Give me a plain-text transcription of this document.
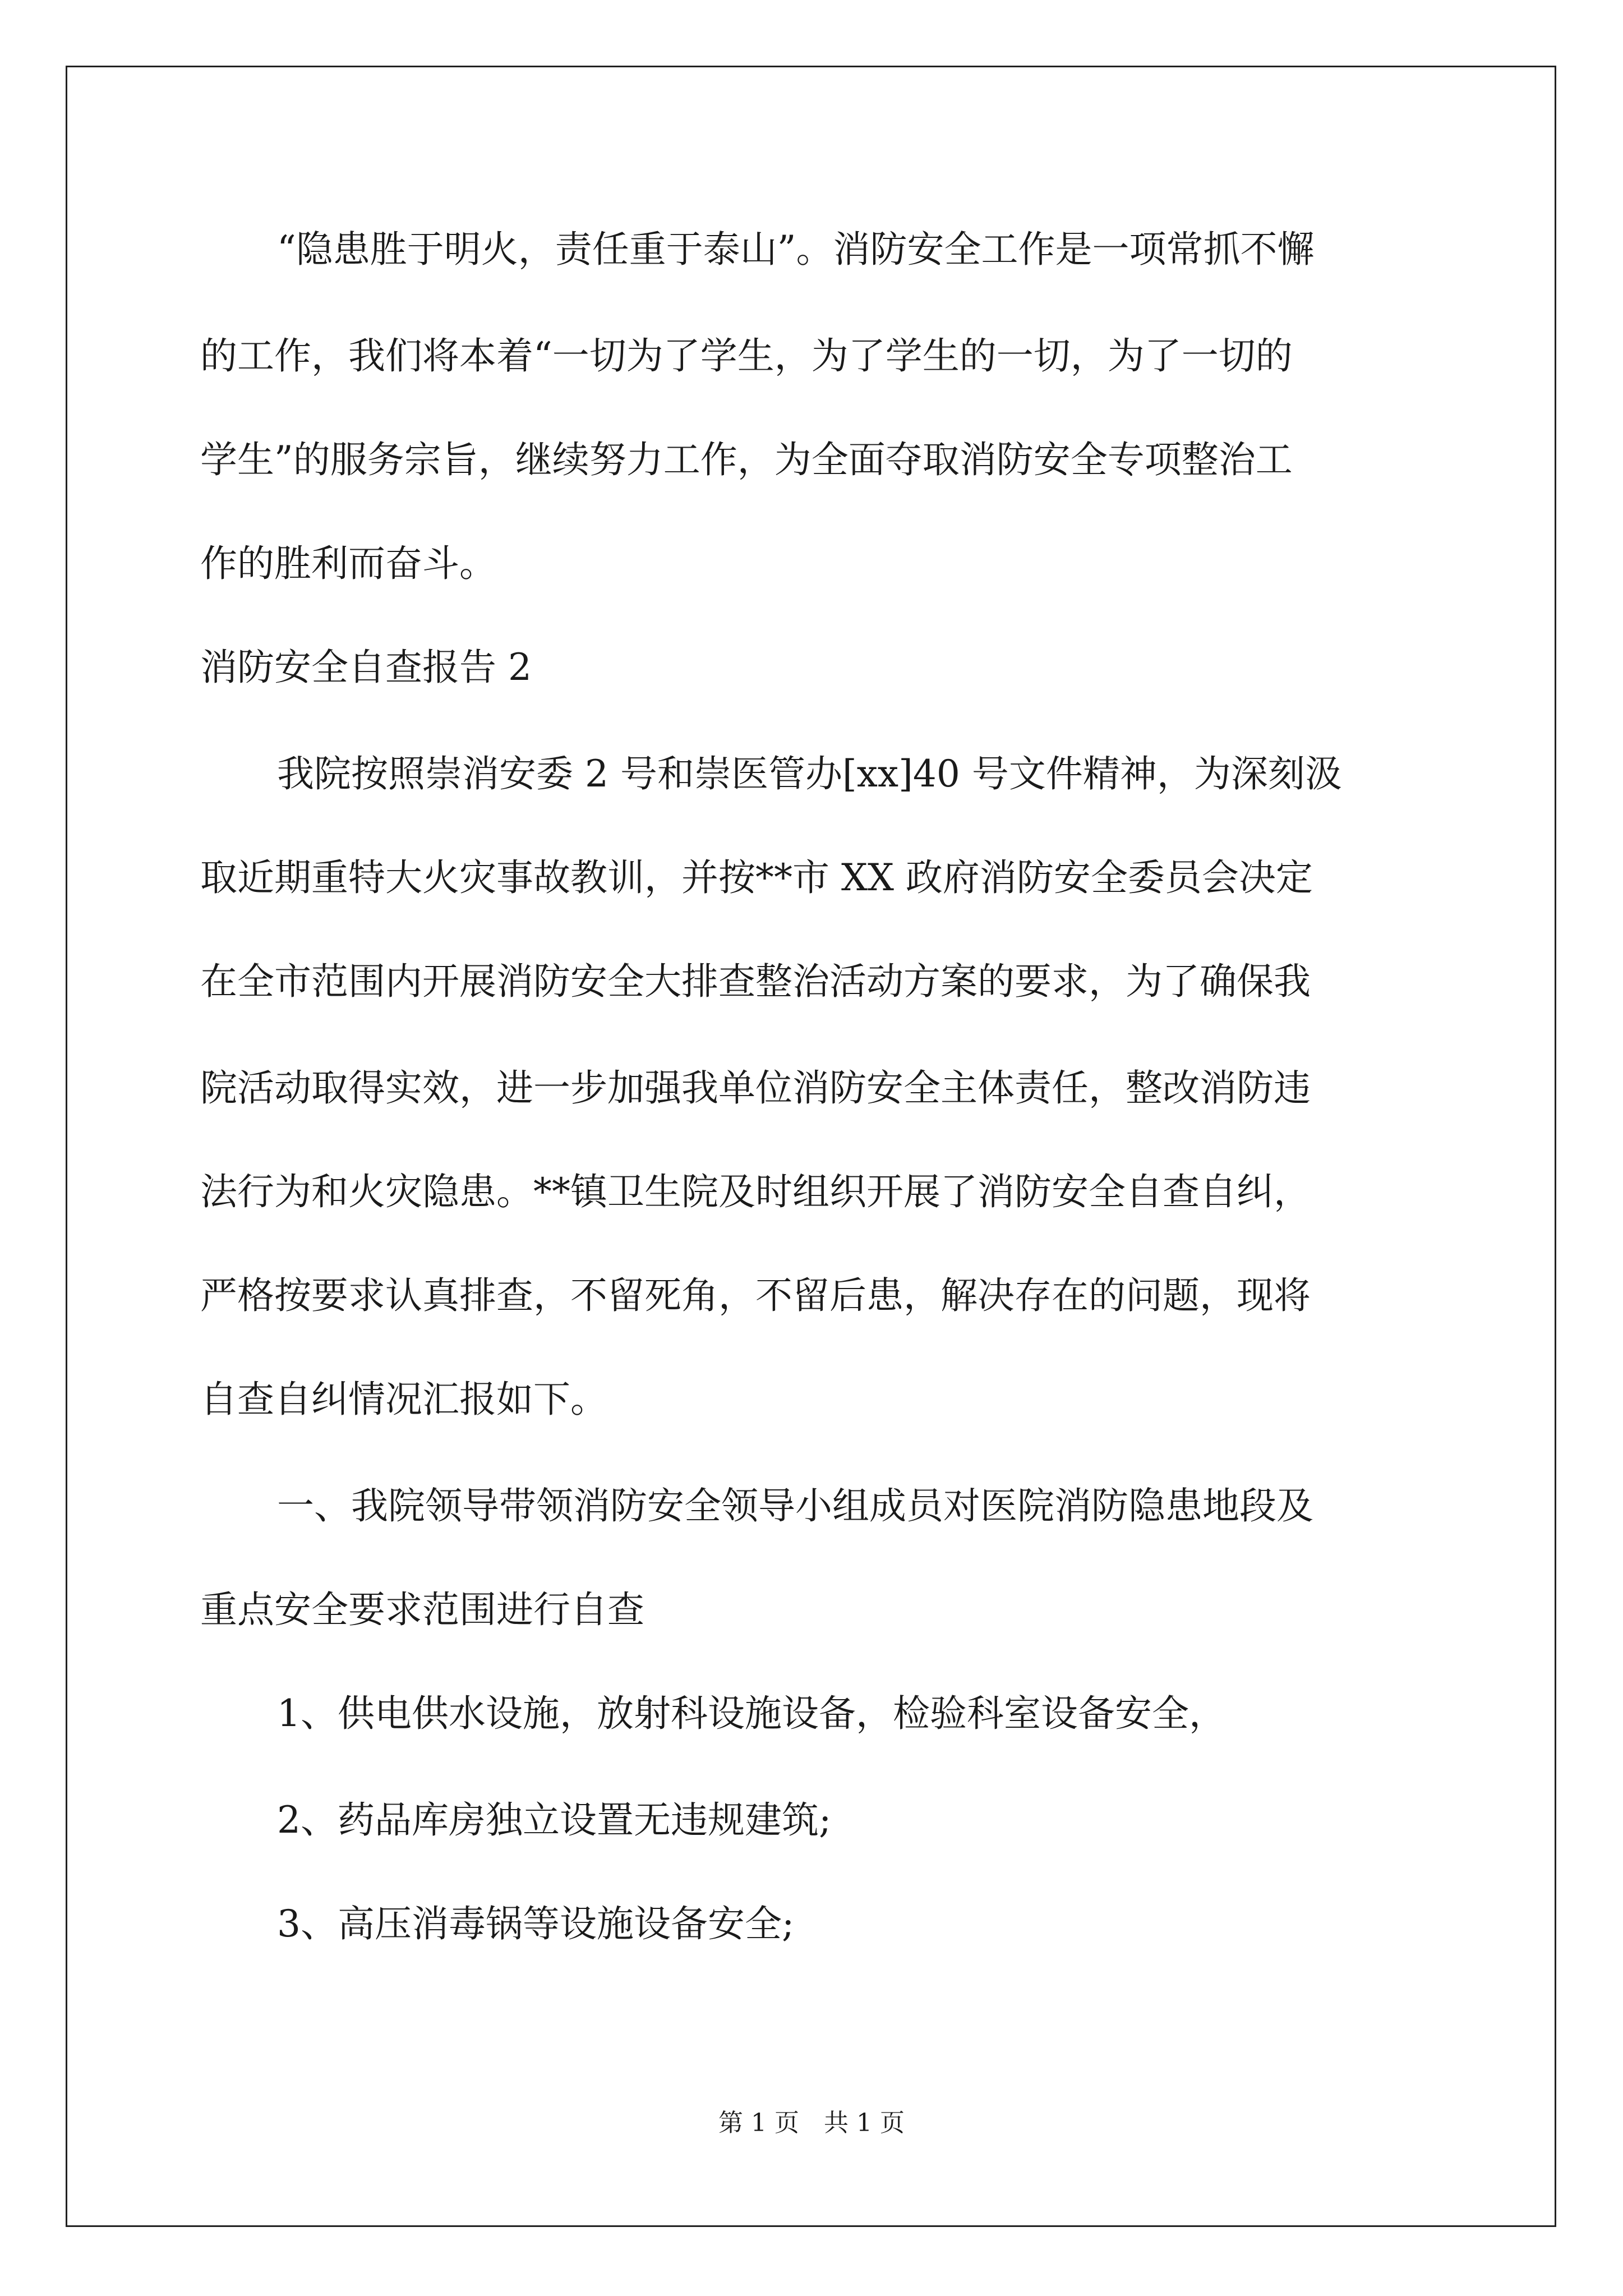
“隐患胜于明火，责任重于泰山”。消防安全工作是一项常抓不懈
的工作，我们将本着“一切为了学生，为了学生的一切，为了一切的
学生”的服务宗旨，继续努力工作，为全面夺取消防安全专项整治工
作的胜利而奋斗。
消防安全自查报告 2
我院按照崇消安委 2 号和崇医管办[xx]40 号文件精神，为深刻汲
取近期重特大火灾事故教训，并按**市 XX 政府消防安全委员会决定
在全市范围内开展消防安全大排查整治活动方案的要求，为了确保我
院活动取得实效，进一步加强我单位消防安全主体责任，整改消防违
法行为和火灾隐患。**镇卫生院及时组织开展了消防安全自查自纠，
严格按要求认真排查，不留死角，不留后患，解决存在的问题，现将
自查自纠情况汇报如下。
一、我院领导带领消防安全领导小组成员对医院消防隐患地段及
重点安全要求范围进行自查
1、供电供水设施，放射科设施设备，检验科室设备安全，
2、药品库房独立设置无违规建筑;
3、高压消毒锅等设施设备安全;
第 1 页　共 1 页
